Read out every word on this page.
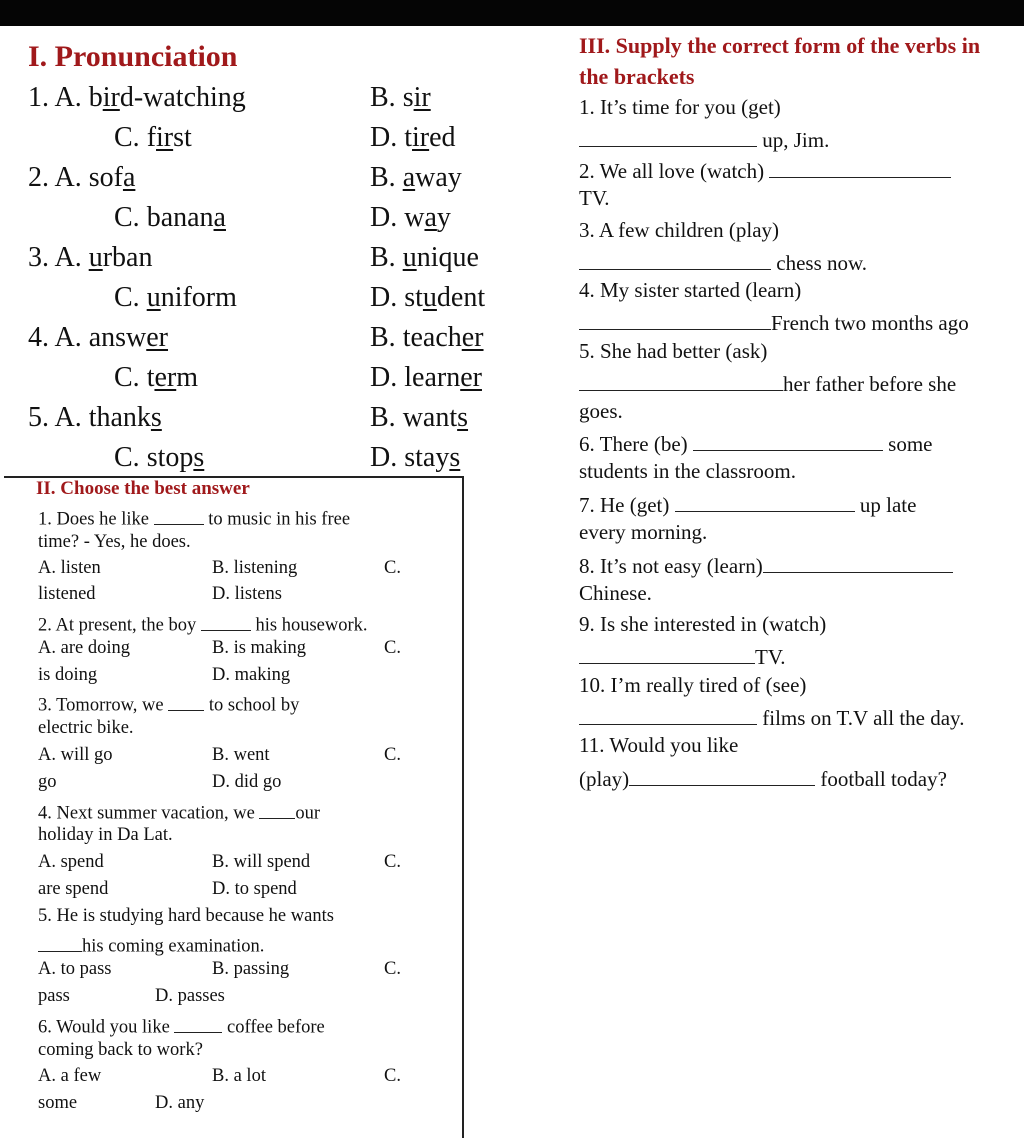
I. Pronunciation
1. A. bird-watching	B. sir
C. first	D. tired
2. A. sofa	B. away
C. banana	D. way
3. A. urban	B. unique
C. uniform	D. student
4. A. answer	B. teacher
C. term	D. learner
5. A. thanks	B. wants
C. stops	D. stays
II. Choose the best answer
1. Does he like	to music in his free
time? - Yes, he does.
A. listen	B. listening	C.
listened	D. listens
2. At present, the boy	his housework.
A. are doing	B. is making	C.
is doing	D. making
3. Tomorrow, we  to school by
electric bike.
A. will go	B. went	C.
go	D. did go
4. Next summer vacation, we our
holiday in Da Lat.
A. spend	B. will spend	C.
are spend	D. to spend
5. He is studying hard because he wants
his coming examination.
A. to pass	B. passing	C.
pass	D. passes
6. Would you like	coffee before
coming back to work?
A. a few	B. a lot	C.
some	D. any
III. Supply the correct form of the verbs in
the brackets
1. It’s time for you (get)
up, Jim.
2. We all love (watch)
TV.
3. A few children (play)
chess now.
4. My sister started (learn)
French two months ago
5. She had better (ask)
her father before she
goes.
6. There (be)	some
students in the classroom.
7. He (get)	up late
every morning.
8. It’s not easy (learn)
Chinese.
9. Is she interested in (watch)
TV.
10. I’m really tired of (see)
films on T.V all the day.
11. Would you like
(play)	football today?
